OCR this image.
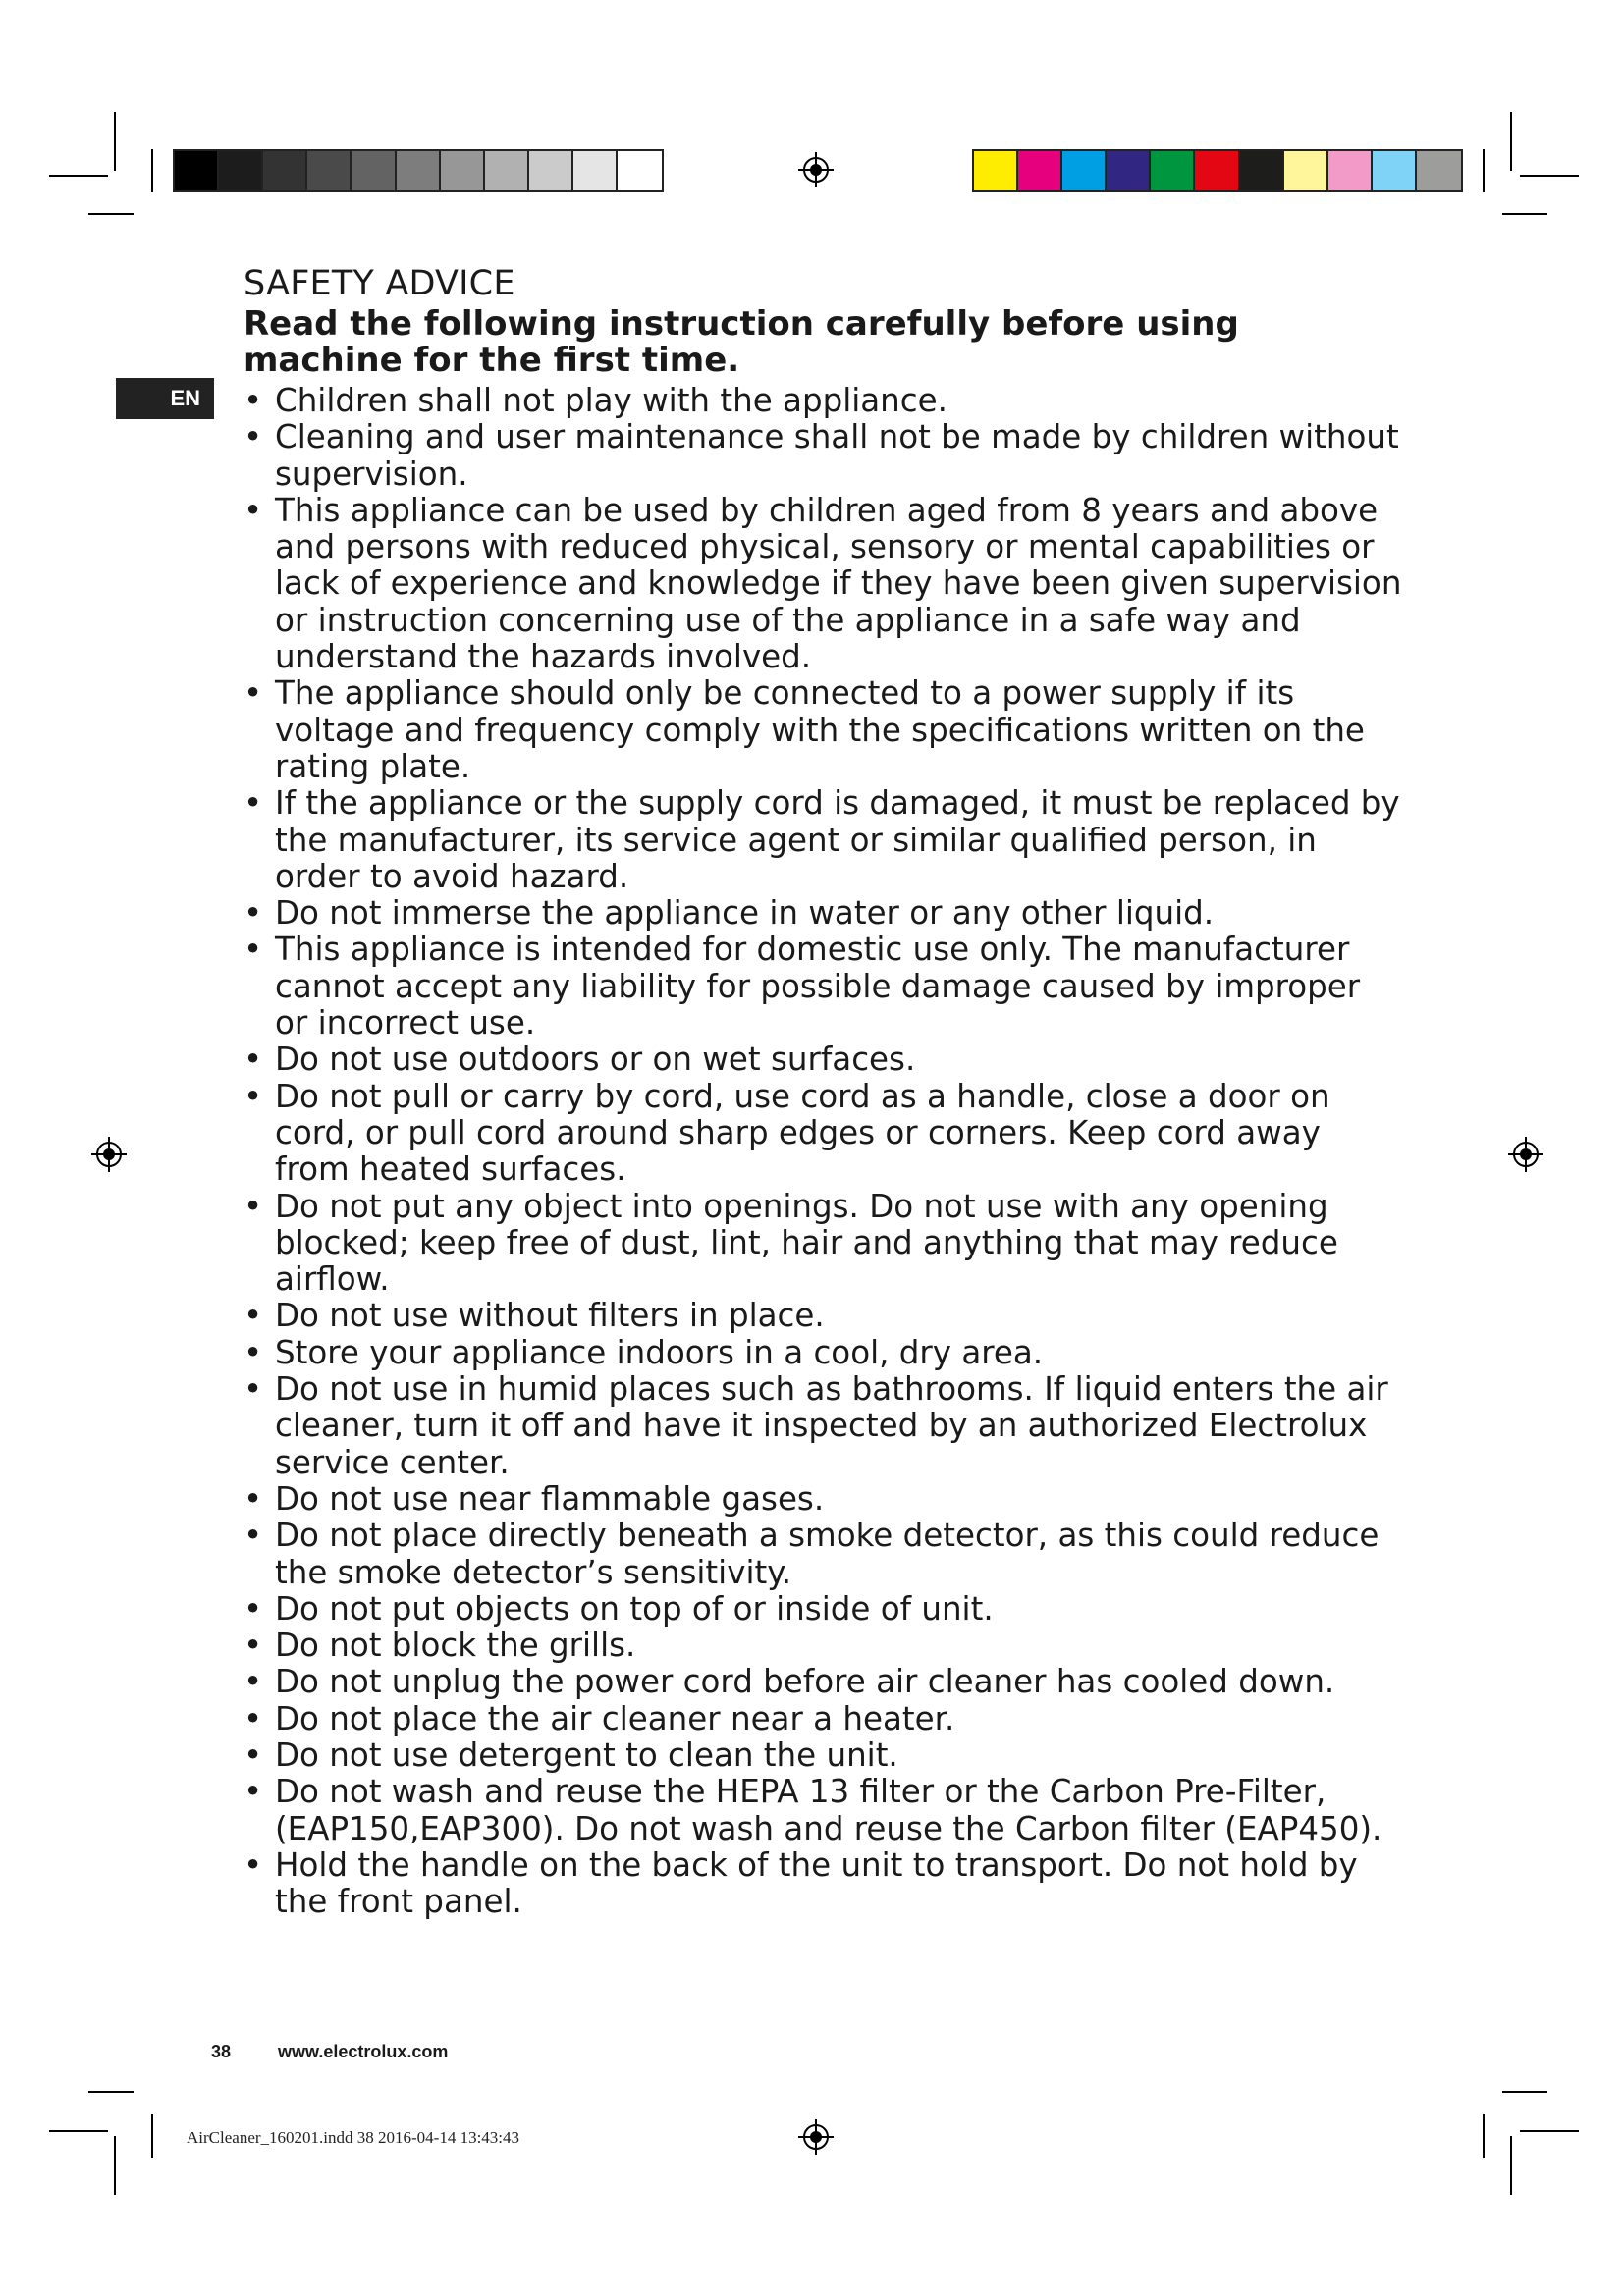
EN
SAFETY ADVICE

Read the following instruction carefully before using machine for the first time.

• Children shall not play with the appliance.
• Cleaning and user maintenance shall not be made by children without supervision.
• This appliance can be used by children aged from 8 years and above and persons with reduced physical, sensory or mental capabilities or lack of experience and knowledge if they have been given supervision or instruction concerning use of the appliance in a safe way and understand the hazards involved.
• The appliance should only be connected to a power supply if its voltage and frequency comply with the specifications written on the rating plate.
• If the appliance or the supply cord is damaged, it must be replaced by the manufacturer, its service agent or similar qualified person, in order to avoid hazard.
• Do not immerse the appliance in water or any other liquid.
• This appliance is intended for domestic use only. The manufacturer cannot accept any liability for possible damage caused by improper or incorrect use.
• Do not use outdoors or on wet surfaces.
• Do not pull or carry by cord, use cord as a handle, close a door on cord, or pull cord around sharp edges or corners. Keep cord away from heated surfaces.
• Do not put any object into openings. Do not use with any opening blocked; keep free of dust, lint, hair and anything that may reduce airflow.
• Do not use without filters in place.
• Store your appliance indoors in a cool, dry area.
• Do not use in humid places such as bathrooms. If liquid enters the air cleaner, turn it off and have it inspected by an authorized Electrolux service center.
• Do not use near flammable gases.
• Do not place directly beneath a smoke detector, as this could reduce the smoke detector’s sensitivity.
• Do not put objects on top of or inside of unit.
• Do not block the grills.
• Do not unplug the power cord before air cleaner has cooled down.
• Do not place the air cleaner near a heater.
• Do not use detergent to clean the unit.
• Do not wash and reuse the HEPA 13 filter or the Carbon Pre-Filter, (EAP150,EAP300). Do not wash and reuse the Carbon filter (EAP450).
• Hold the handle on the back of the unit to transport. Do not hold by the front panel.
38	www.electrolux.com
AirCleaner_160201.indd 38 2016-04-14 13:43:43
